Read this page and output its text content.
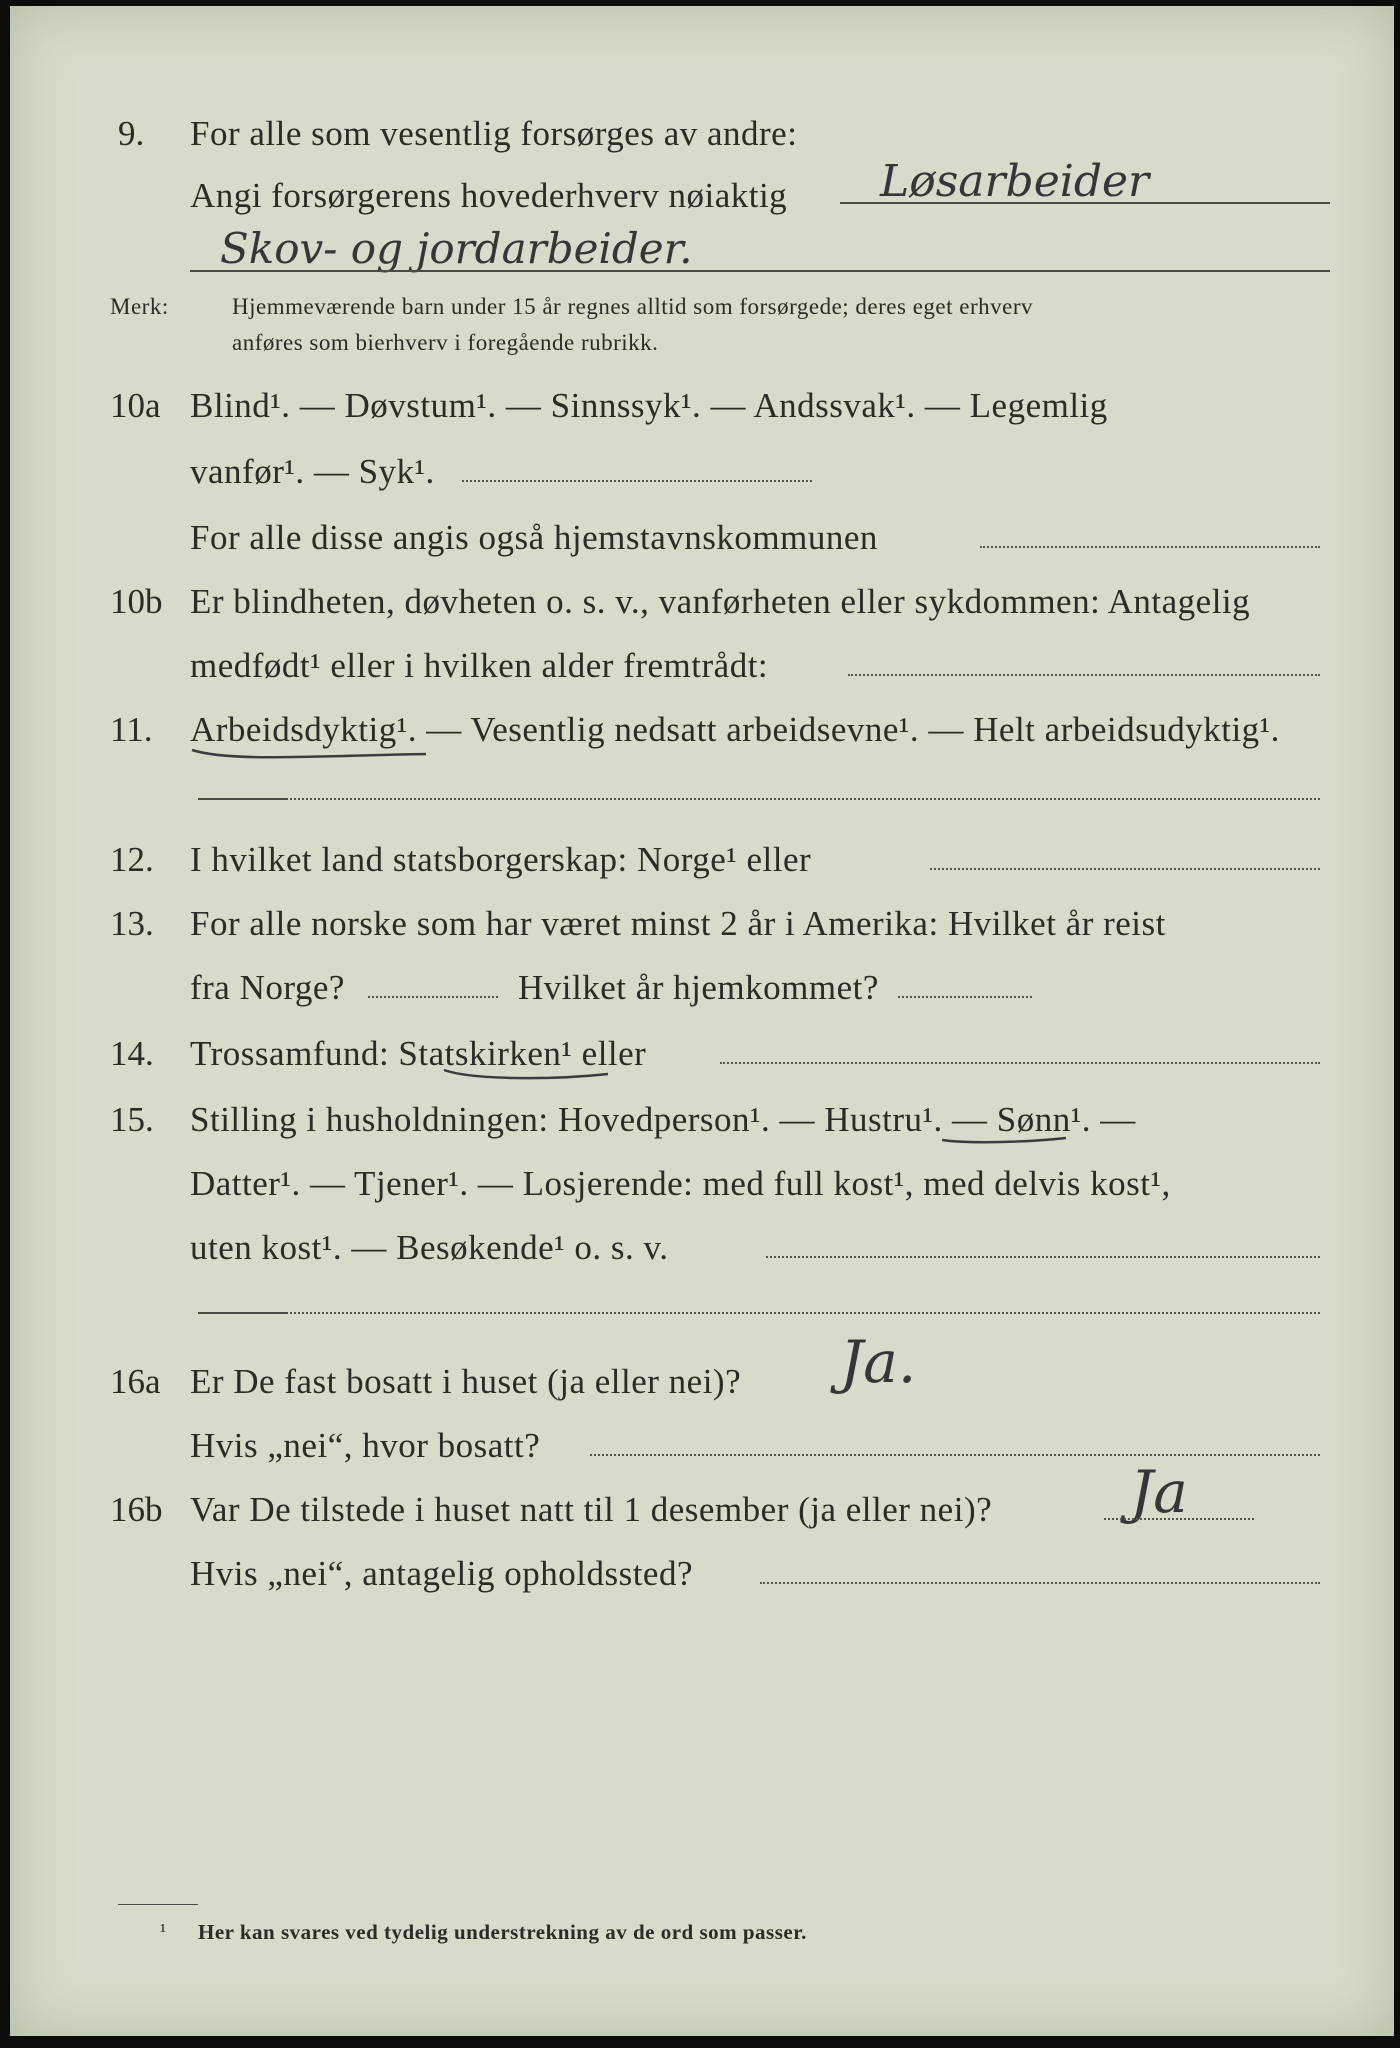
9. For alle som vesentlig forsørges av andre:
Angi forsørgerens hovederhverv nøiaktig Løsarbeider
Skov- og jordarbeider.
Merk:	Hjemmeværende barn under 15 år regnes alltid som forsørgede; deres eget erhverv
anføres som bierhverv i foregående rubrikk.
10a Blind¹. — Døvstum¹. — Sinnssyk¹. — Andssvak¹. — Legemlig
vanfør¹. — Syk¹.
For alle disse angis også hjemstavnskommunen
10b Er blindheten, døvheten o. s. v., vanførheten eller sykdommen: Antagelig
medfødt¹ eller i hvilken alder fremtrådt:
11. Arbeidsdyktig¹. — Vesentlig nedsatt arbeidsevne¹. — Helt arbeidsudyktig¹.
12. I hvilket land statsborgerskap: Norge¹ eller
13. For alle norske som har været minst 2 år i Amerika: Hvilket år reist
fra Norge?	Hvilket år hjemkommet?
14. Trossamfund: Statskirken¹ eller
15. Stilling i husholdningen: Hovedperson¹. — Hustru¹. — Sønn¹. —
Datter¹. — Tjener¹. — Losjerende: med full kost¹, med delvis kost¹,
uten kost¹. — Besøkende¹ o. s. v.
16a Er De fast bosatt i huset (ja eller nei)? Ja.
Hvis „nei“, hvor bosatt?
16b Var De tilstede i huset natt til 1 desember (ja eller nei)? Ja
Hvis „nei“, antagelig opholdssted?
¹ Her kan svares ved tydelig understrekning av de ord som passer.
